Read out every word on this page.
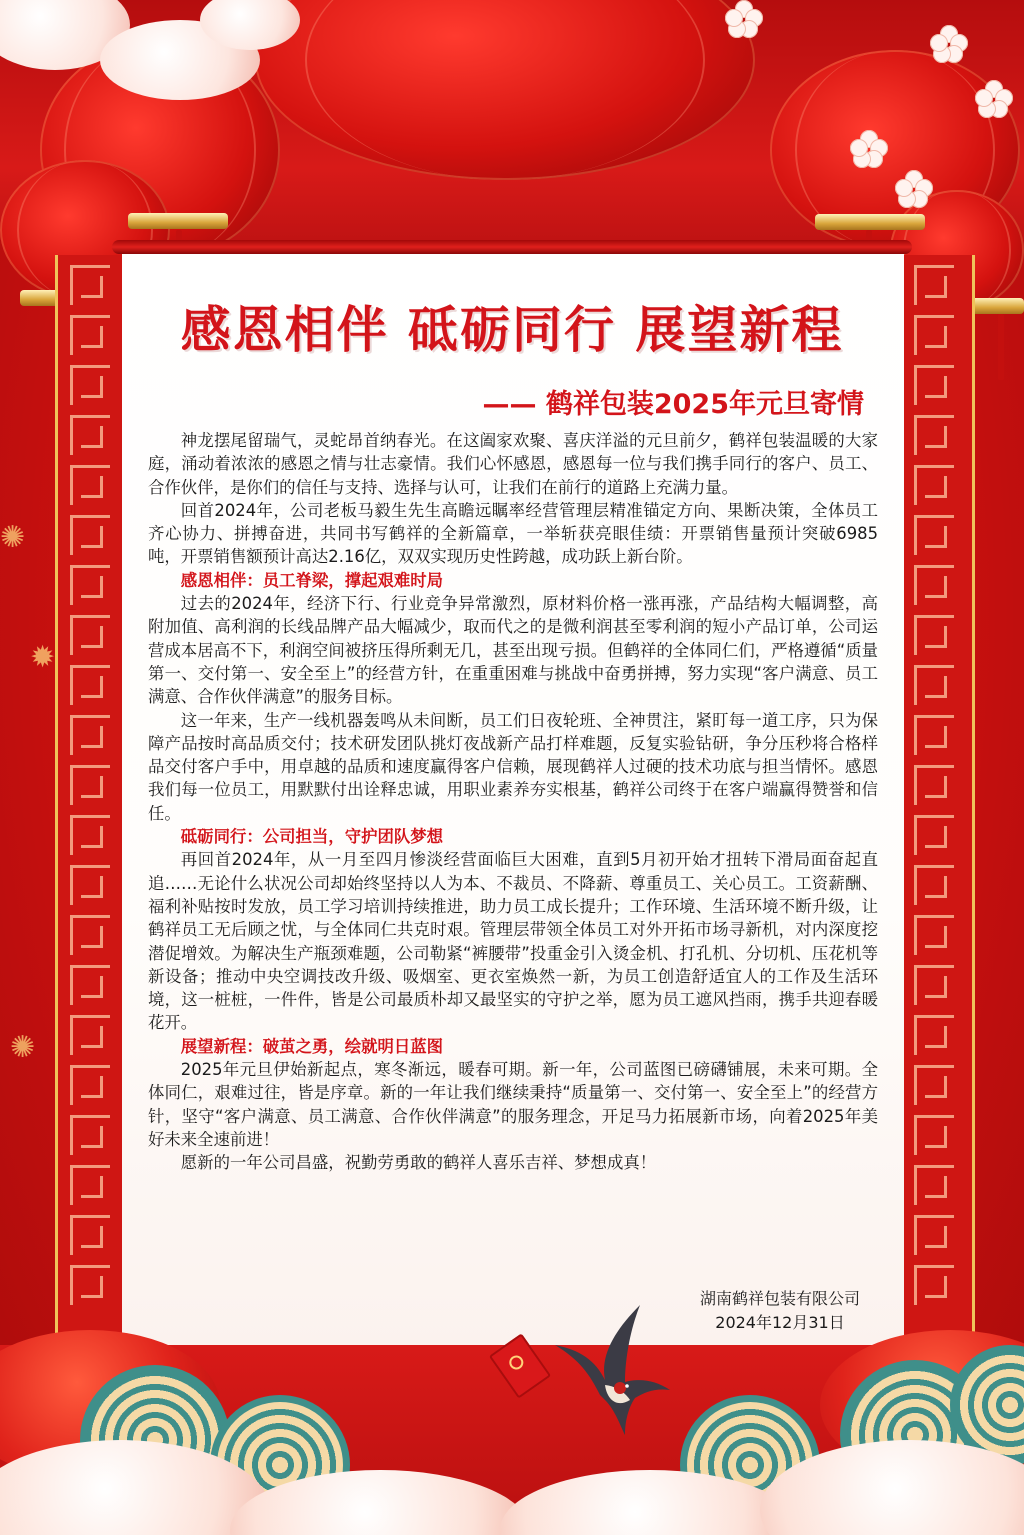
✺
✹
✺
感恩相伴 砥砺同行 展望新程
—— 鹤祥包装2025年元旦寄情

神龙摆尾留瑞气，灵蛇昂首纳春光。在这阖家欢聚、喜庆洋溢的元旦前夕，鹤祥包装温暖的大家庭，涌动着浓浓的感恩之情与壮志豪情。我们心怀感恩，感恩每一位与我们携手同行的客户、员工、合作伙伴，是你们的信任与支持、选择与认可，让我们在前行的道路上充满力量。

回首2024年，公司老板马毅生先生高瞻远瞩率经营管理层精准锚定方向、果断决策，全体员工齐心协力、拼搏奋进，共同书写鹤祥的全新篇章，一举斩获亮眼佳绩：开票销售量预计突破6985吨，开票销售额预计高达2.16亿，双双实现历史性跨越，成功跃上新台阶。

感恩相伴：员工脊梁，撑起艰难时局

过去的2024年，经济下行、行业竞争异常激烈，原材料价格一涨再涨，产品结构大幅调整，高附加值、高利润的长线品牌产品大幅减少，取而代之的是微利润甚至零利润的短小产品订单，公司运营成本居高不下，利润空间被挤压得所剩无几，甚至出现亏损。但鹤祥的全体同仁们，严格遵循“质量第一、交付第一、安全至上”的经营方针，在重重困难与挑战中奋勇拼搏，努力实现“客户满意、员工满意、合作伙伴满意”的服务目标。

这一年来，生产一线机器轰鸣从未间断，员工们日夜轮班、全神贯注，紧盯每一道工序，只为保障产品按时高品质交付；技术研发团队挑灯夜战新产品打样难题，反复实验钻研，争分压秒将合格样品交付客户手中，用卓越的品质和速度赢得客户信赖，展现鹤祥人过硬的技术功底与担当情怀。感恩我们每一位员工，用默默付出诠释忠诚，用职业素养夯实根基，鹤祥公司终于在客户端赢得赞誉和信任。

砥砺同行：公司担当，守护团队梦想

再回首2024年，从一月至四月惨淡经营面临巨大困难，直到5月初开始才扭转下滑局面奋起直追……无论什么状况公司却始终坚持以人为本、不裁员、不降薪、尊重员工、关心员工。工资薪酬、福利补贴按时发放，员工学习培训持续推进，助力员工成长提升；工作环境、生活环境不断升级，让鹤祥员工无后顾之忧，与全体同仁共克时艰。管理层带领全体员工对外开拓市场寻新机，对内深度挖潜促增效。为解决生产瓶颈难题，公司勒紧“裤腰带”投重金引入烫金机、打孔机、分切机、压花机等新设备；推动中央空调技改升级、吸烟室、更衣室焕然一新，为员工创造舒适宜人的工作及生活环境，这一桩桩，一件件，皆是公司最质朴却又最坚实的守护之举，愿为员工遮风挡雨，携手共迎春暖花开。

展望新程：破茧之勇，绘就明日蓝图

2025年元旦伊始新起点，寒冬渐远，暖春可期。新一年，公司蓝图已磅礴铺展，未来可期。全体同仁，艰难过往，皆是序章。新的一年让我们继续秉持“质量第一、交付第一、安全至上”的经营方针，坚守“客户满意、员工满意、合作伙伴满意”的服务理念，开足马力拓展新市场，向着2025年美好未来全速前进！

愿新的一年公司昌盛，祝勤劳勇敢的鹤祥人喜乐吉祥、梦想成真！

湖南鹤祥包装有限公司
2024年12月31日
